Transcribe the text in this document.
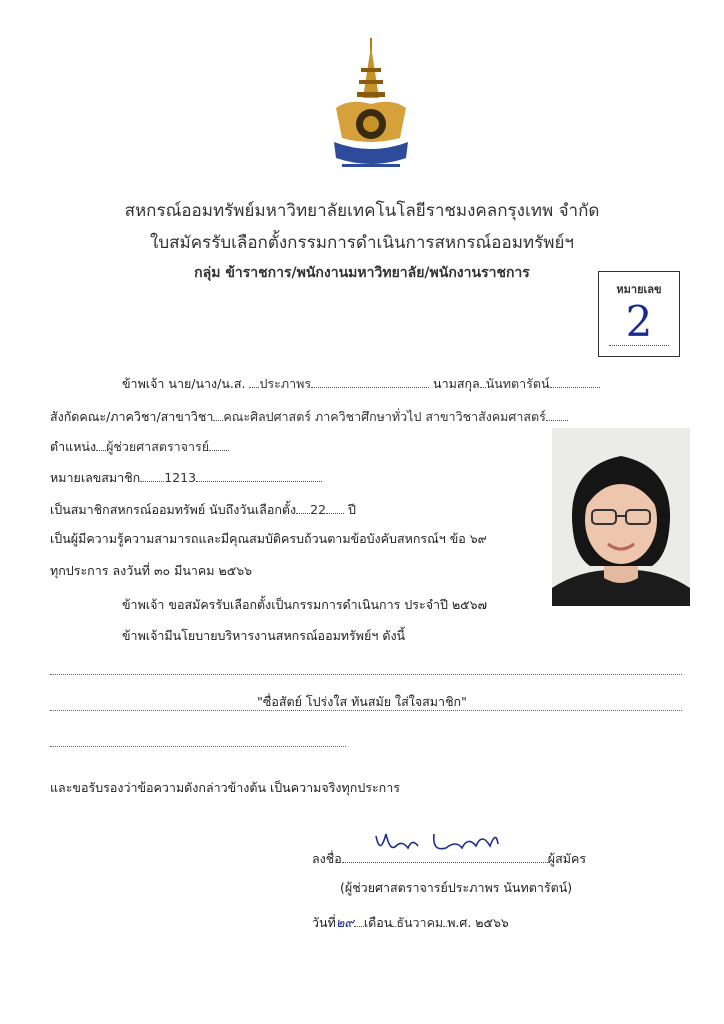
สหกรณ์ออมทรัพย์มหาวิทยาลัยเทคโนโลยีราชมงคลกรุงเทพ จำกัด
ใบสมัครรับเลือกตั้งกรรมการดำเนินการสหกรณ์ออมทรัพย์ฯ
กลุ่ม ข้าราชการ/พนักงานมหาวิทยาลัย/พนักงานราชการ
หมายเลข
2
ข้าพเจ้า นาย/นาง/น.ส. ประภาพร	นามสกุล นันทตารัตน์
สังกัดคณะ/ภาควิชา/สาขาวิชา คณะศิลปศาสตร์ ภาควิชาศึกษาทั่วไป สาขาวิชาสังคมศาสตร์
ตำแหน่ง ผู้ช่วยศาสตราจารย์
หมายเลขสมาชิก 1213
เป็นสมาชิกสหกรณ์ออมทรัพย์ นับถึงวันเลือกตั้ง 22 ปี
เป็นผู้มีความรู้ความสามารถและมีคุณสมบัติครบถ้วนตามข้อบังคับสหกรณ์ฯ ข้อ ๖๙
ทุกประการ ลงวันที่ ๓๐ มีนาคม ๒๕๖๖
ข้าพเจ้า ขอสมัครรับเลือกตั้งเป็นกรรมการดำเนินการ ประจำปี ๒๕๖๗
ข้าพเจ้ามีนโยบายบริหารงานสหกรณ์ออมทรัพย์ฯ ดังนี้
"ซื่อสัตย์ โปร่งใส ทันสมัย ใส่ใจสมาชิก"
และขอรับรองว่าข้อความดังกล่าวข้างต้น เป็นความจริงทุกประการ
ลงชื่อ	ผู้สมัคร
(ผู้ช่วยศาสตราจารย์ประภาพร นันทตารัตน์)
วันที่๒๙ เดือน ธันวาคม พ.ศ. ๒๕๖๖
